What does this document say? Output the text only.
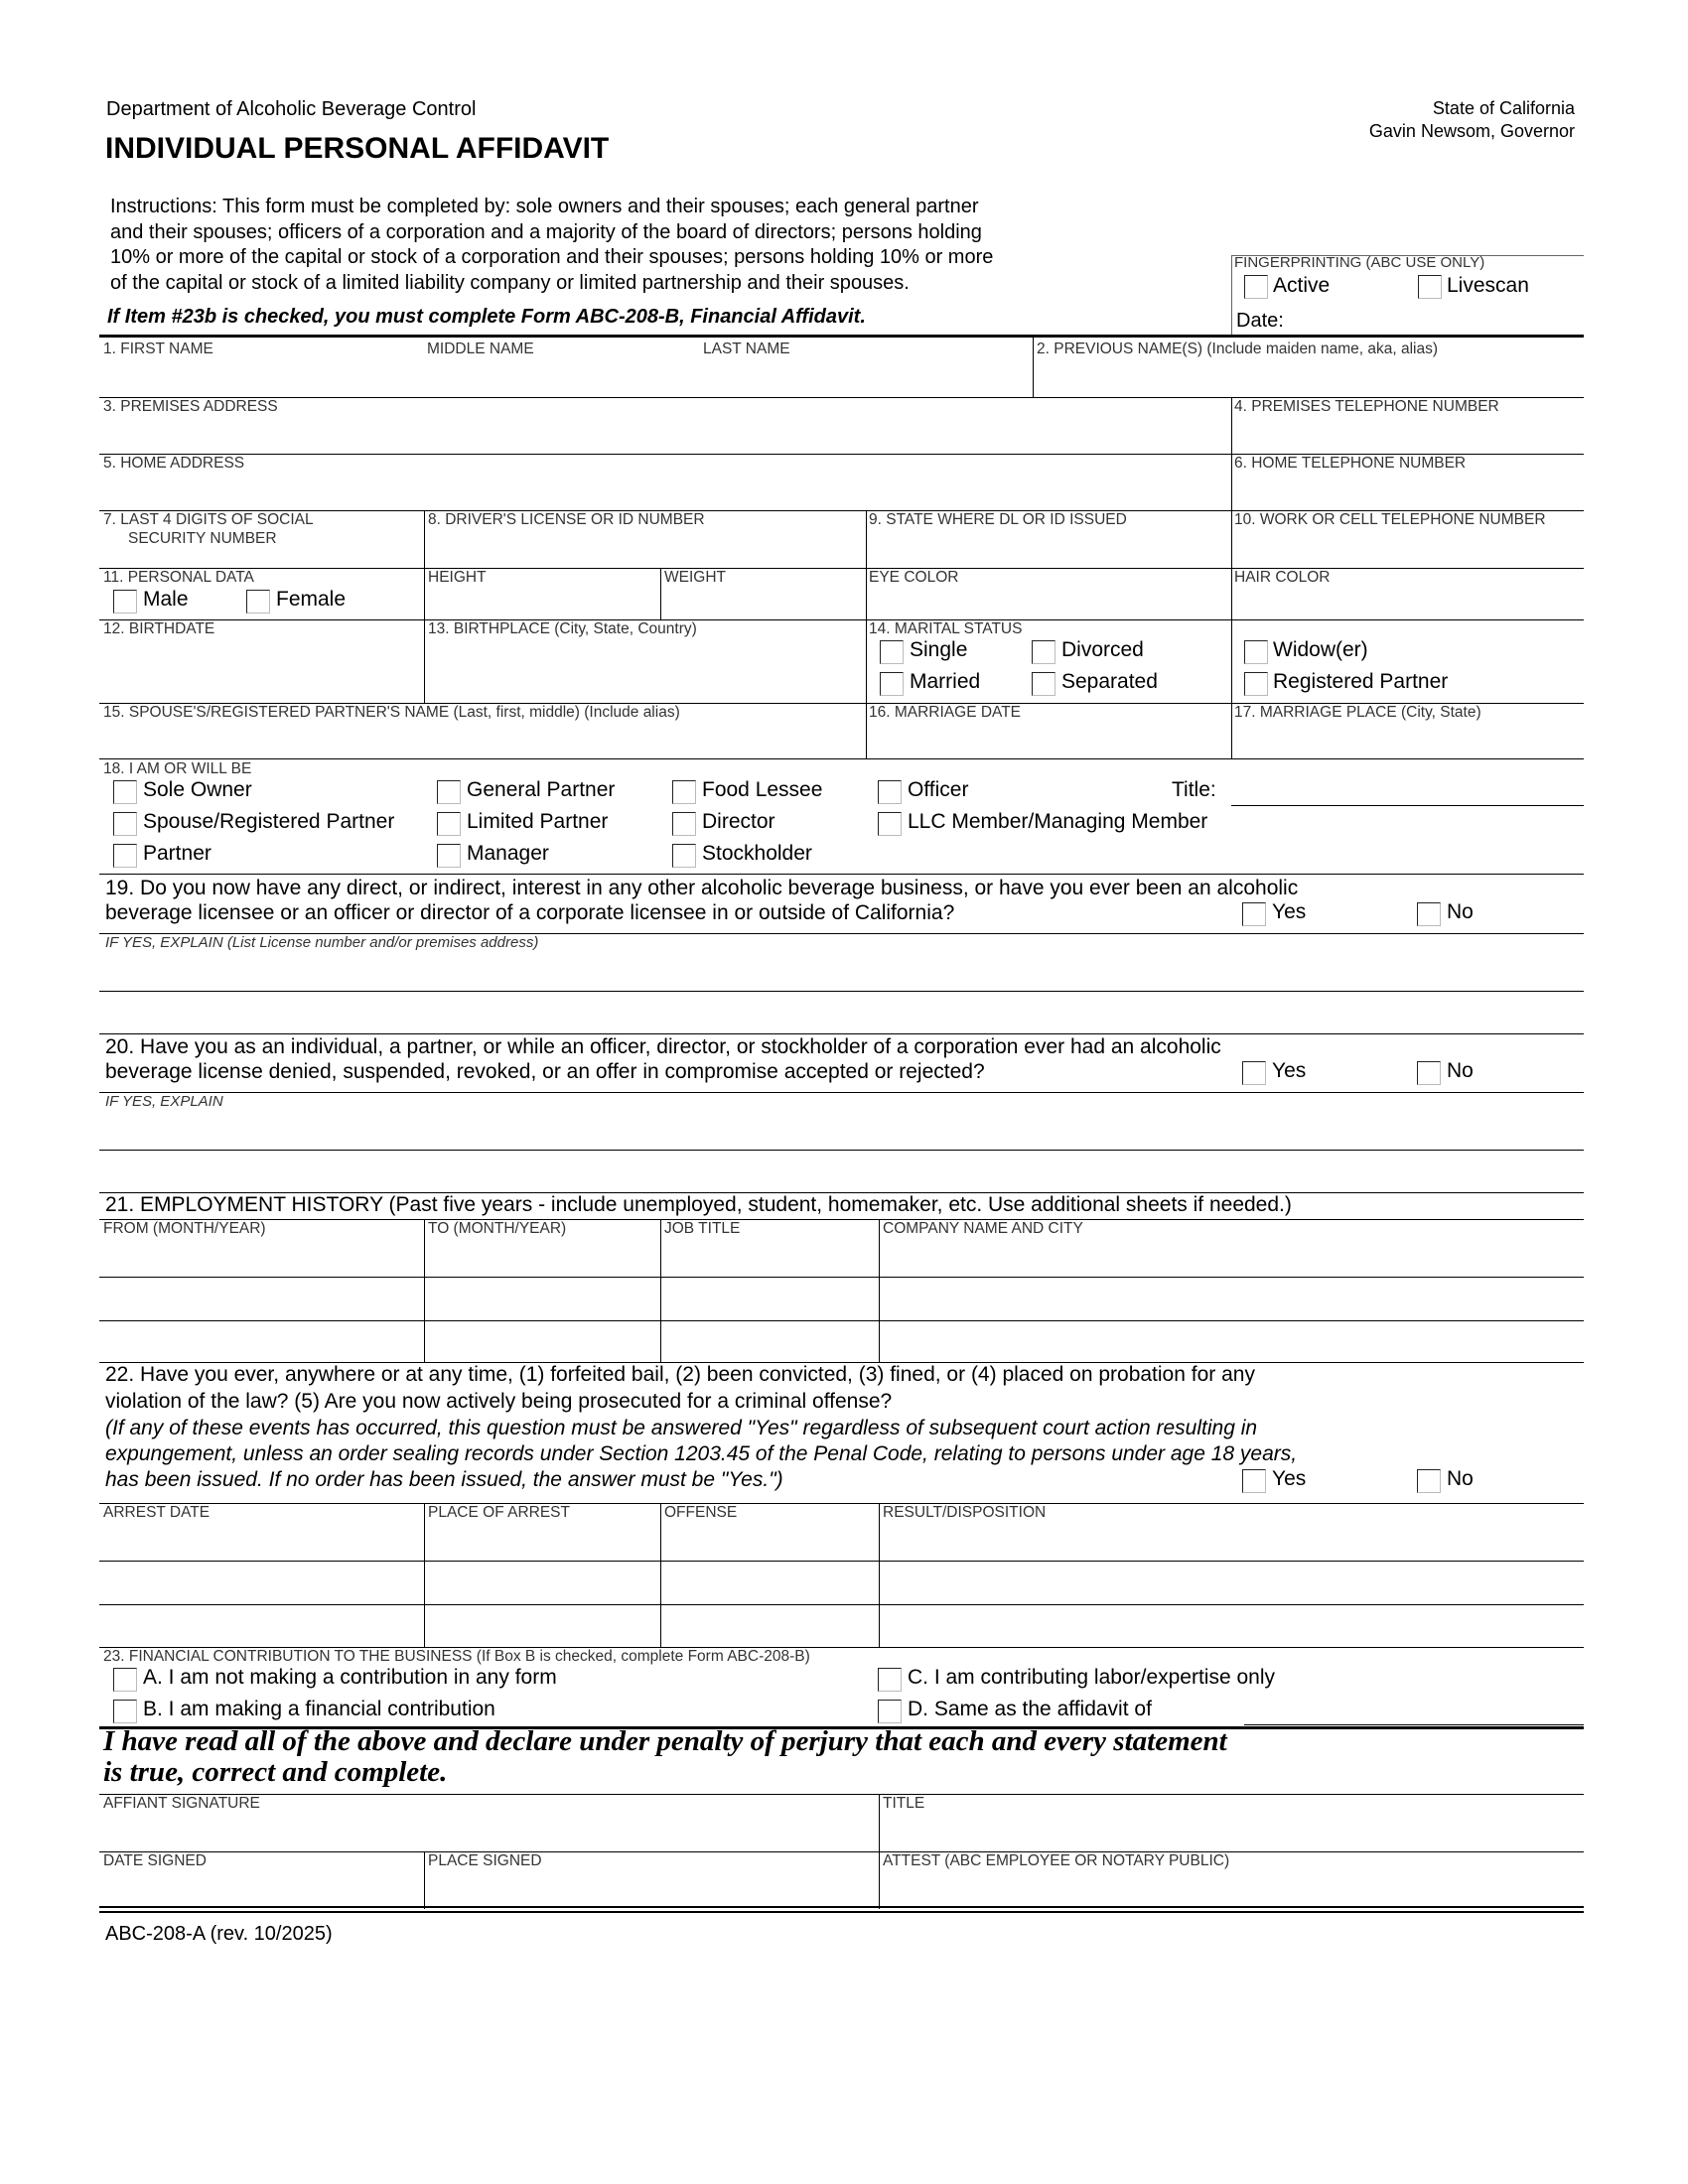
Department of Alcoholic Beverage Control
INDIVIDUAL PERSONAL AFFIDAVIT
State of California
Gavin Newsom, Governor
Instructions: This form must be completed by: sole owners and their spouses; each general partner
and their spouses; officers of a corporation and a majority of the board of directors; persons holding
10% or more of the capital or stock of a corporation and their spouses; persons holding 10% or more
of the capital or stock of a limited liability company or limited partnership and their spouses.
If Item #23b is checked, you must complete Form ABC-208-B, Financial Affidavit.
FINGERPRINTING (ABC USE ONLY)
Active	Livescan
Date:
1. FIRST NAME	MIDDLE NAME	LAST NAME	2. PREVIOUS NAME(S) (Include maiden name, aka, alias)
3. PREMISES ADDRESS	4. PREMISES TELEPHONE NUMBER
5. HOME ADDRESS	6. HOME TELEPHONE NUMBER
7. LAST 4 DIGITS OF SOCIAL
SECURITY NUMBER
8. DRIVER'S LICENSE OR ID NUMBER	9. STATE WHERE DL OR ID ISSUED	10. WORK OR CELL TELEPHONE NUMBER
11. PERSONAL DATA
Male	Female
HEIGHT	WEIGHT	EYE COLOR	HAIR COLOR
12. BIRTHDATE	13. BIRTHPLACE (City, State, Country)	14. MARITAL STATUS
Single
Married
Divorced
Separated
Widow(er)
Registered Partner
15. SPOUSE'S/REGISTERED PARTNER'S NAME (Last, first, middle) (Include alias)	16. MARRIAGE DATE	17. MARRIAGE PLACE (City, State)
18. I AM OR WILL BE
Sole Owner
Spouse/Registered Partner
Partner
General Partner
Limited Partner
Manager
Food Lessee
Director
Stockholder
Officer
LLC Member/Managing Member
Title:
19. Do you now have any direct, or indirect, interest in any other alcoholic beverage business, or have you ever been an alcoholic
beverage licensee or an officer or director of a corporate licensee in or outside of California?	Yes	No
IF YES, EXPLAIN (List License number and/or premises address)
20. Have you as an individual, a partner, or while an officer, director, or stockholder of a corporation ever had an alcoholic
beverage license denied, suspended, revoked, or an offer in compromise accepted or rejected?	Yes	No
IF YES, EXPLAIN
21. EMPLOYMENT HISTORY (Past five years - include unemployed, student, homemaker, etc. Use additional sheets if needed.)
FROM (MONTH/YEAR)	TO (MONTH/YEAR)	JOB TITLE	COMPANY NAME AND CITY
22. Have you ever, anywhere or at any time, (1) forfeited bail, (2) been convicted, (3) fined, or (4) placed on probation for any
violation of the law? (5) Are you now actively being prosecuted for a criminal offense?
(If any of these events has occurred, this question must be answered "Yes" regardless of subsequent court action resulting in
expungement, unless an order sealing records under Section 1203.45 of the Penal Code, relating to persons under age 18 years,
has been issued. If no order has been issued, the answer must be "Yes.")	Yes	No
ARREST DATE	PLACE OF ARREST	OFFENSE	RESULT/DISPOSITION
23. FINANCIAL CONTRIBUTION TO THE BUSINESS (If Box B is checked, complete Form ABC-208-B)
A. I am not making a contribution in any form
B. I am making a financial contribution
C. I am contributing labor/expertise only
D. Same as the affidavit of
I have read all of the above and declare under penalty of perjury that each and every statement
is true, correct and complete.
AFFIANT SIGNATURE	TITLE
DATE SIGNED	PLACE SIGNED	ATTEST (ABC EMPLOYEE OR NOTARY PUBLIC)
ABC-208-A (rev. 10/2025)
